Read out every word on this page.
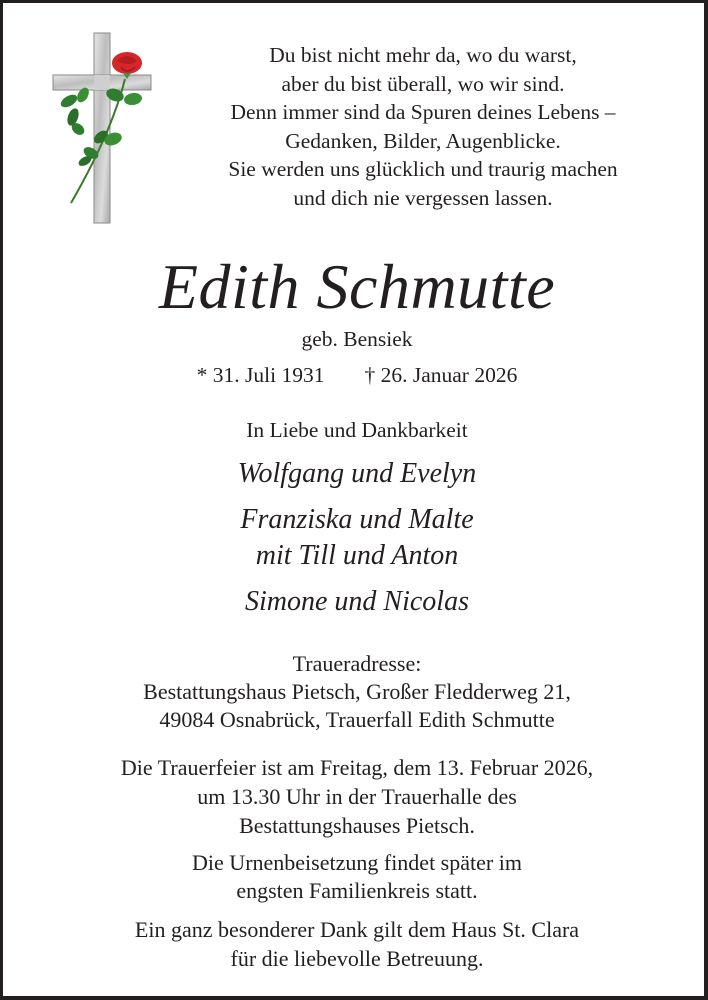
Du bist nicht mehr da, wo du warst,
aber du bist überall, wo wir sind.
Denn immer sind da Spuren deines Lebens –
Gedanken, Bilder, Augenblicke.
Sie werden uns glücklich und traurig machen
und dich nie vergessen lassen.
Edith Schmutte
geb. Bensiek
* 31. Juli 1931 † 26. Januar 2026
In Liebe und Dankbarkeit
Wolfgang und Evelyn
Franziska und Malte
mit Till und Anton
Simone und Nicolas
Traueradresse:
Bestattungshaus Pietsch, Großer Fledderweg 21,
49084 Osnabrück, Trauerfall Edith Schmutte
Die Trauerfeier ist am Freitag, dem 13. Februar 2026,
um 13.30 Uhr in der Trauerhalle des
Bestattungshauses Pietsch.
Die Urnenbeisetzung findet später im
engsten Familienkreis statt.
Ein ganz besonderer Dank gilt dem Haus St. Clara
für die liebevolle Betreuung.
